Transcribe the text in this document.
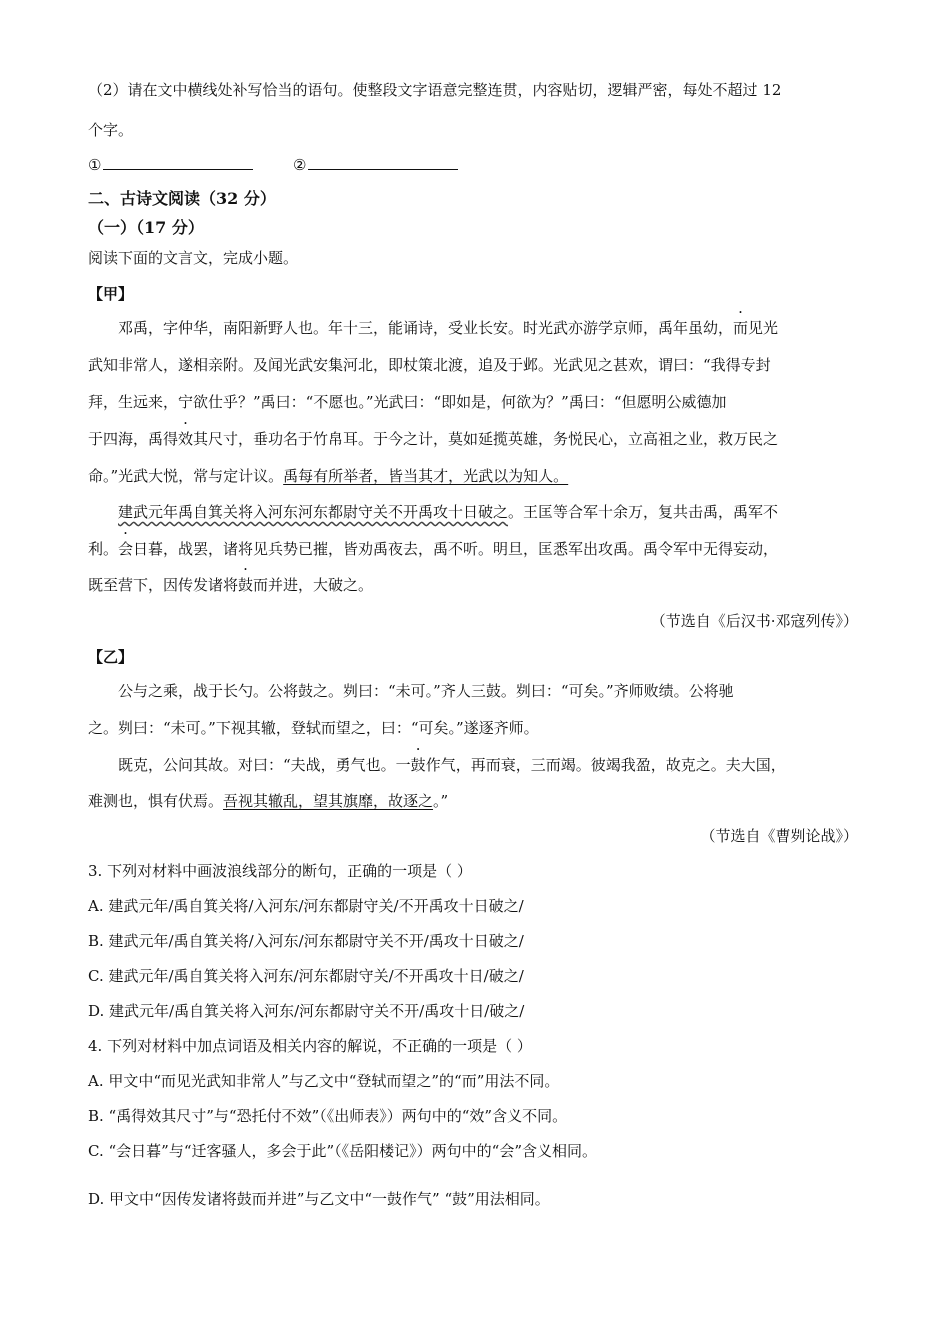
（2）请在文中横线处补写恰当的语句。使整段文字语意完整连贯，内容贴切，逻辑严密，每处不超过 12
个字。
①	②
二、古诗文阅读（32 分）
（一）（17 分）
阅读下面的文言文，完成小题。
【甲】
邓禹，字仲华，南阳新野人也。年十三，能诵诗，受业长安。时光武亦游学京师，禹年虽幼，而见光
武知非常人，遂相亲附。及闻光武安集河北，即杖策北渡，追及于邺。光武见之甚欢，谓曰：“我得专封
拜，生远来，宁欲仕乎？”禹曰：“不愿也。”光武曰：“即如是，何欲为？”禹曰：“但愿明公威德加
于四海，禹得效其尺寸，垂功名于竹帛耳。于今之计，莫如延揽英雄，务悦民心，立高祖之业，救万民之
命。”光武大悦，常与定计议。禹每有所举者，皆当其才，光武以为知人。
建武元年禹自箕关将入河东河东都尉守关不开禹攻十日破之。王匡等合军十余万，复共击禹，禹军不
利。会日暮，战罢，诸将见兵势已摧，皆劝禹夜去，禹不听。明旦，匡悉军出攻禹。禹令军中无得妄动，
既至营下，因传发诸将鼓而并进，大破之。
（节选自《后汉书·邓寇列传》）
【乙】
公与之乘，战于长勺。公将鼓之。刿曰：“未可。”齐人三鼓。刿曰：“可矣。”齐师败绩。公将驰
之。刿曰：“未可。”下视其辙，登轼而望之，曰：“可矣。”遂逐齐师。
既克，公问其故。对曰：“夫战，勇气也。一鼓作气，再而衰，三而竭。彼竭我盈，故克之。夫大国，
难测也，惧有伏焉。吾视其辙乱，望其旗靡，故逐之。”
（节选自《曹刿论战》）
3. 下列对材料中画波浪线部分的断句，正确的一项是（ ）
A. 建武元年/禹自箕关将/入河东/河东都尉守关/不开禹攻十日破之/
B. 建武元年/禹自箕关将/入河东/河东都尉守关不开/禹攻十日破之/
C. 建武元年/禹自箕关将入河东/河东都尉守关/不开禹攻十日/破之/
D. 建武元年/禹自箕关将入河东/河东都尉守关不开/禹攻十日/破之/
4. 下列对材料中加点词语及相关内容的解说，不正确的一项是（ ）
A. 甲文中“而见光武知非常人”与乙文中“登轼而望之”的“而”用法不同。
B. “禹得效其尺寸”与“恐托付不效”（《出师表》）两句中的“效”含义不同。
C. “会日暮”与“迁客骚人，多会于此”（《岳阳楼记》）两句中的“会”含义相同。
D. 甲文中“因传发诸将鼓而并进”与乙文中“一鼓作气” “鼓”用法相同。
